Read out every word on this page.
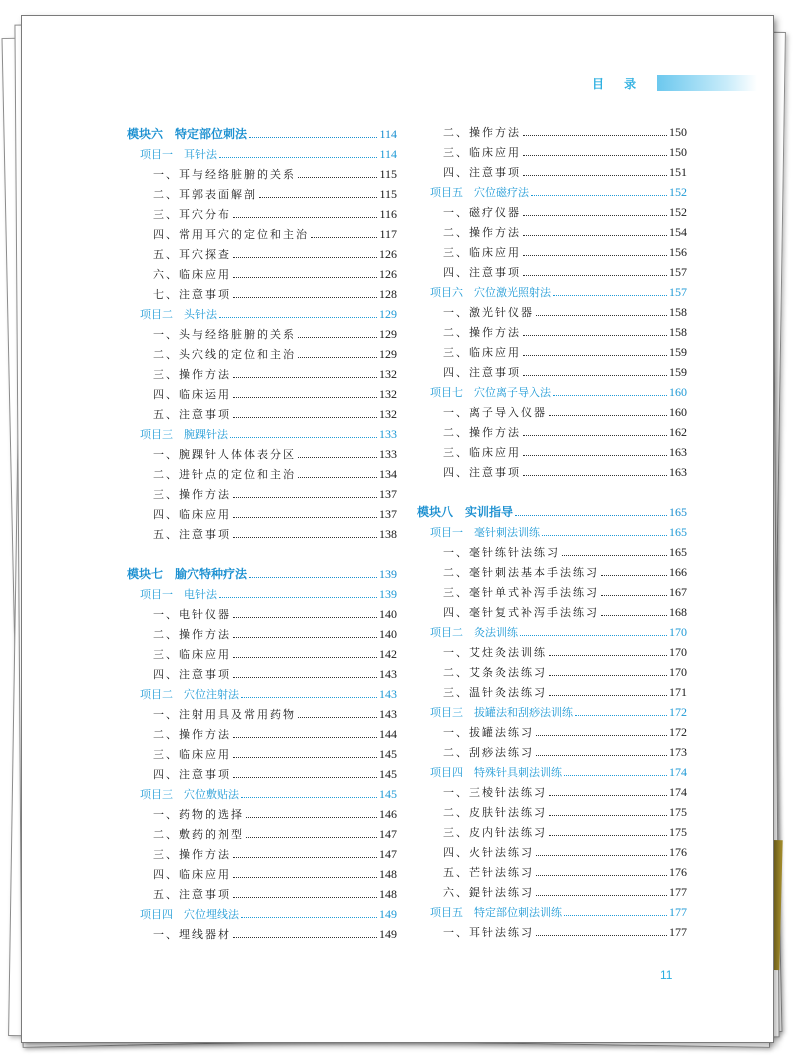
目 录
模块六　特定部位刺法	114
项目一　耳针法	114
一、耳与经络脏腑的关系	115
二、耳郭表面解剖	115
三、耳穴分布	116
四、常用耳穴的定位和主治	117
五、耳穴探查	126
六、临床应用	126
七、注意事项	128
项目二　头针法	129
一、头与经络脏腑的关系	129
二、头穴线的定位和主治	129
三、操作方法	132
四、临床运用	132
五、注意事项	132
项目三　腕踝针法	133
一、腕踝针人体体表分区	133
二、进针点的定位和主治	134
三、操作方法	137
四、临床应用	137
五、注意事项	138
模块七　腧穴特种疗法	139
项目一　电针法	139
一、电针仪器	140
二、操作方法	140
三、临床应用	142
四、注意事项	143
项目二　穴位注射法	143
一、注射用具及常用药物	143
二、操作方法	144
三、临床应用	145
四、注意事项	145
项目三　穴位敷贴法	145
一、药物的选择	146
二、敷药的剂型	147
三、操作方法	147
四、临床应用	148
五、注意事项	148
项目四　穴位埋线法	149
一、埋线器材	149
二、操作方法	150
三、临床应用	150
四、注意事项	151
项目五　穴位磁疗法	152
一、磁疗仪器	152
二、操作方法	154
三、临床应用	156
四、注意事项	157
项目六　穴位激光照射法	157
一、激光针仪器	158
二、操作方法	158
三、临床应用	159
四、注意事项	159
项目七　穴位离子导入法	160
一、离子导入仪器	160
二、操作方法	162
三、临床应用	163
四、注意事项	163
模块八　实训指导	165
项目一　毫针刺法训练	165
一、毫针练针法练习	165
二、毫针刺法基本手法练习	166
三、毫针单式补泻手法练习	167
四、毫针复式补泻手法练习	168
项目二　灸法训练	170
一、艾炷灸法训练	170
二、艾条灸法练习	170
三、温针灸法练习	171
项目三　拔罐法和刮痧法训练	172
一、拔罐法练习	172
二、刮痧法练习	173
项目四　特殊针具刺法训练	174
一、三棱针法练习	174
二、皮肤针法练习	175
三、皮内针法练习	175
四、火针法练习	176
五、芒针法练习	176
六、鍉针法练习	177
项目五　特定部位刺法训练	177
一、耳针法练习	177
11
